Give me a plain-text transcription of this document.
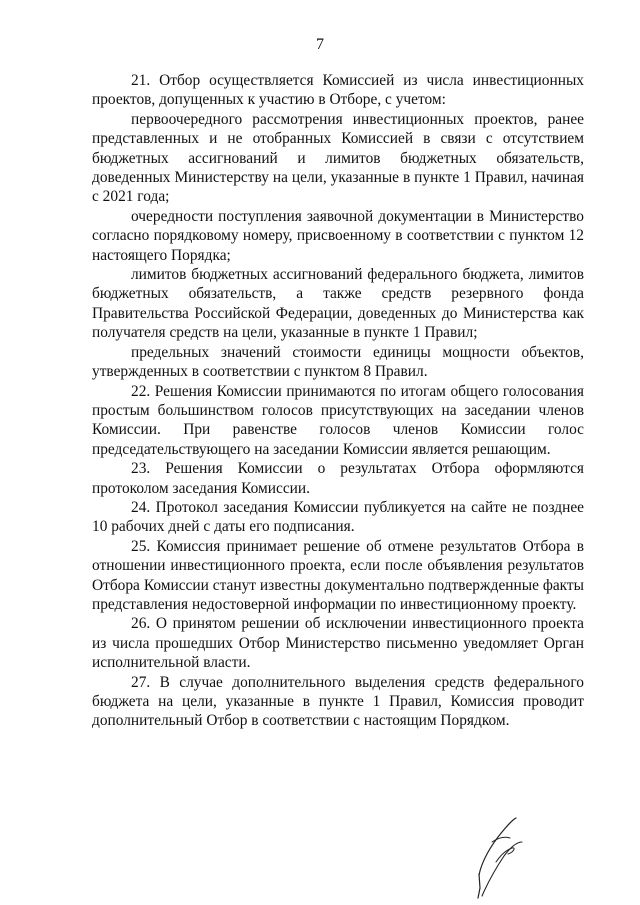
7

21. Отбор осуществляется Комиссией из числа инвестиционных проектов, допущенных к участию в Отборе, с учетом:

первоочередного рассмотрения инвестиционных проектов, ранее представленных и не отобранных Комиссией в связи с отсутствием бюджетных ассигнований и лимитов бюджетных обязательств, доведенных Министерству на цели, указанные в пункте 1 Правил, начиная с 2021 года;

очередности поступления заявочной документации в Министерство согласно порядковому номеру, присвоенному в соответствии с пунктом 12 настоящего Порядка;

лимитов бюджетных ассигнований федерального бюджета, лимитов бюджетных обязательств, а также средств резервного фонда Правительства Российской Федерации, доведенных до Министерства как получателя средств на цели, указанные в пункте 1 Правил;

предельных значений стоимости единицы мощности объектов, утвержденных в соответствии с пунктом 8 Правил.

22. Решения Комиссии принимаются по итогам общего голосования простым большинством голосов присутствующих на заседании членов Комиссии. При равенстве голосов членов Комиссии голос председательствующего на заседании Комиссии является решающим.

23. Решения Комиссии о результатах Отбора оформляются протоколом заседания Комиссии.

24. Протокол заседания Комиссии публикуется на сайте не позднее 10 рабочих дней с даты его подписания.

25. Комиссия принимает решение об отмене результатов Отбора в отношении инвестиционного проекта, если после объявления результатов Отбора Комиссии станут известны документально подтвержденные факты представления недостоверной информации по инвестиционному проекту.

26. О принятом решении об исключении инвестиционного проекта из числа прошедших Отбор Министерство письменно уведомляет Орган исполнительной власти.

27. В случае дополнительного выделения средств федерального бюджета на цели, указанные в пункте 1 Правил, Комиссия проводит дополнительный Отбор в соответствии с настоящим Порядком.
